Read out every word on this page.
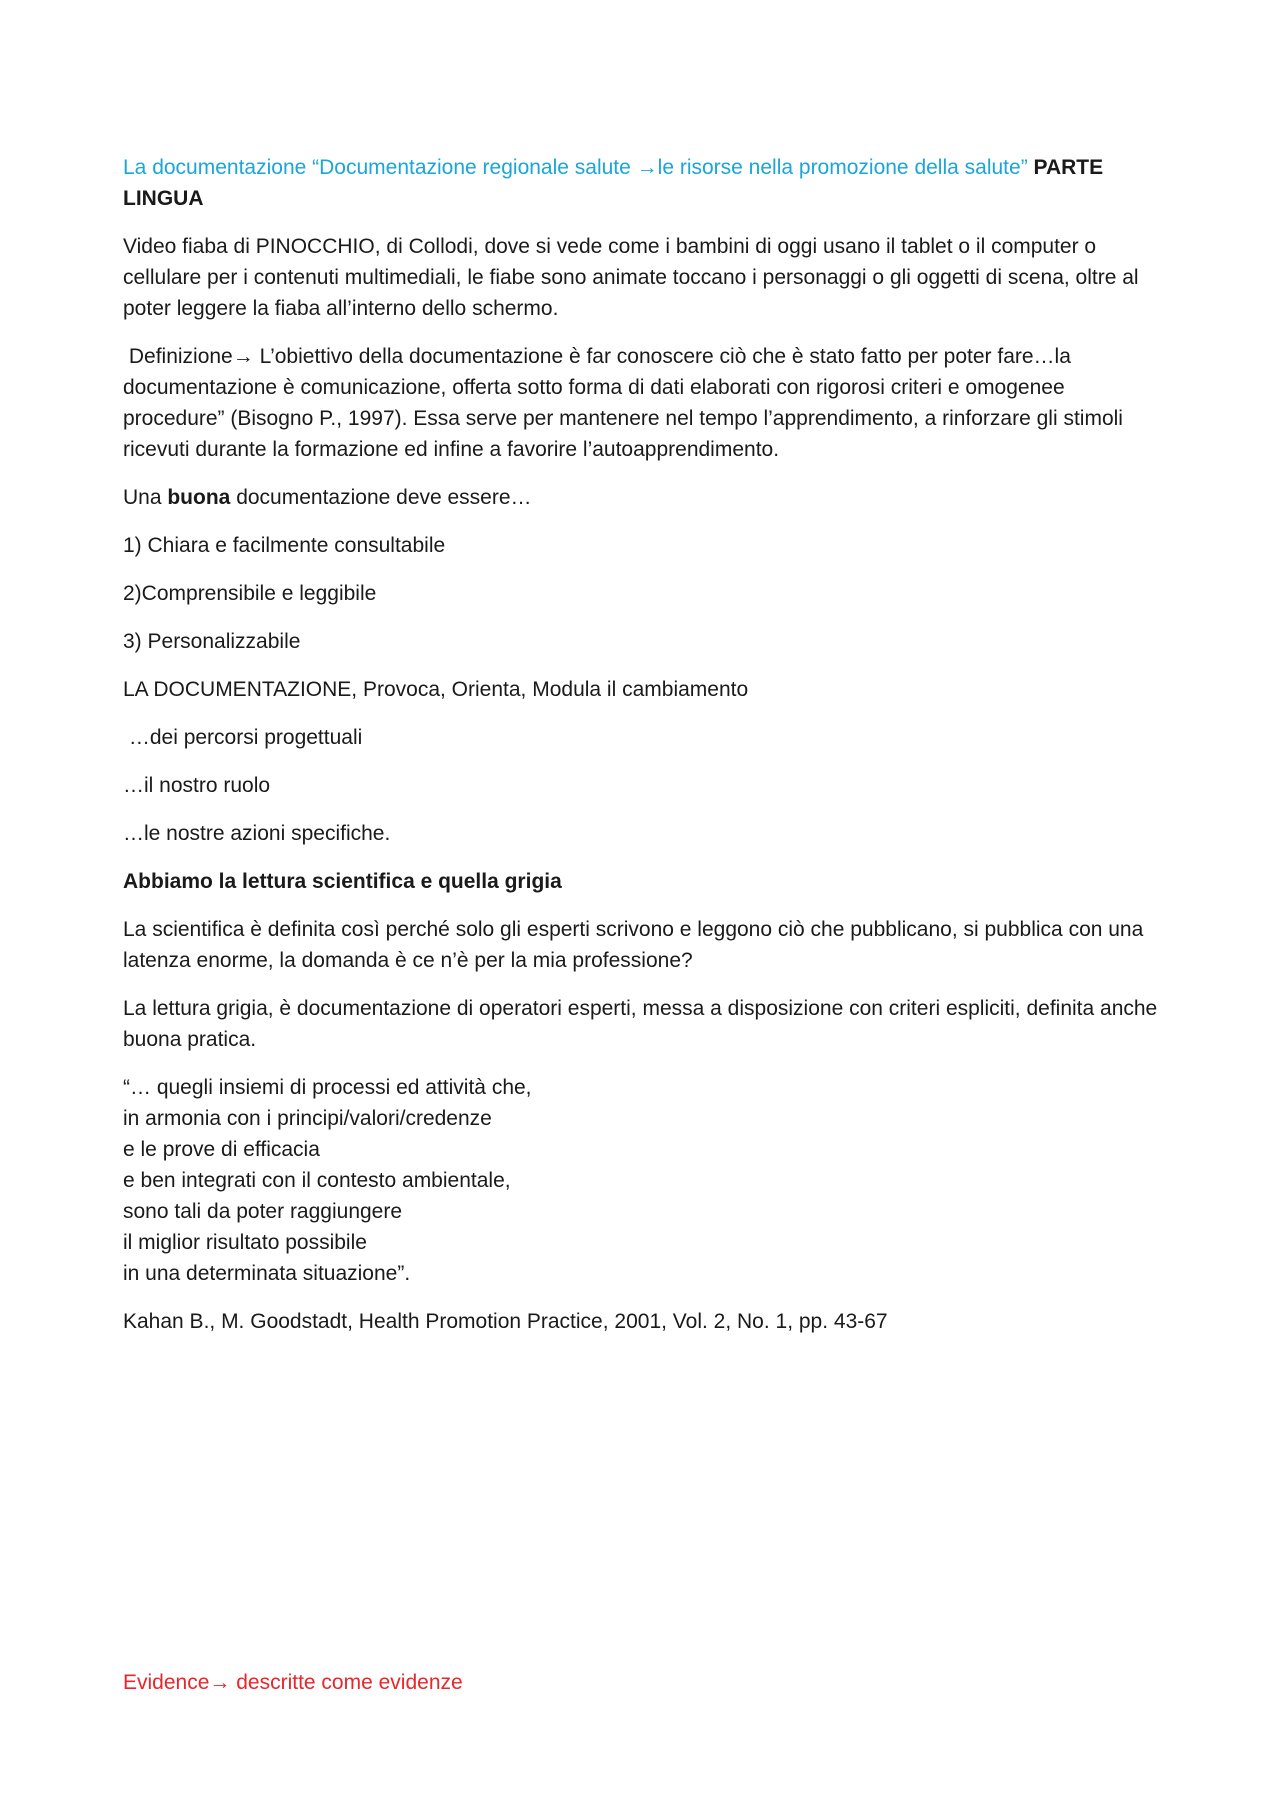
La documentazione “Documentazione regionale salute →le risorse nella promozione della salute” PARTE LINGUA

Video fiaba di PINOCCHIO, di Collodi, dove si vede come i bambini di oggi usano il tablet o il computer o cellulare per i contenuti multimediali, le fiabe sono animate toccano i personaggi o gli oggetti di scena, oltre al poter leggere la fiaba all’interno dello schermo.

Definizione→ L’obiettivo della documentazione è far conoscere ciò che è stato fatto per poter fare…la documentazione è comunicazione, offerta sotto forma di dati elaborati con rigorosi criteri e omogenee procedure” (Bisogno P., 1997). Essa serve per mantenere nel tempo l’apprendimento, a rinforzare gli stimoli ricevuti durante la formazione ed infine a favorire l’autoapprendimento.

Una buona documentazione deve essere…

1) Chiara e facilmente consultabile

2)Comprensibile e leggibile

3) Personalizzabile

LA DOCUMENTAZIONE, Provoca, Orienta, Modula il cambiamento

…dei percorsi progettuali

…il nostro ruolo

…le nostre azioni specifiche.

Abbiamo la lettura scientifica e quella grigia

La scientifica è definita così perché solo gli esperti scrivono e leggono ciò che pubblicano, si pubblica con una latenza enorme, la domanda è ce n’è per la mia professione?

La lettura grigia, è documentazione di operatori esperti, messa a disposizione con criteri espliciti, definita anche buona pratica.

“… quegli insiemi di processi ed attività che,
in armonia con i principi/valori/credenze
e le prove di efficacia
e ben integrati con il contesto ambientale,
sono tali da poter raggiungere
il miglior risultato possibile
in una determinata situazione”.

Kahan B., M. Goodstadt, Health Promotion Practice, 2001, Vol. 2, No. 1, pp. 43-67

Evidence→ descritte come evidenze
